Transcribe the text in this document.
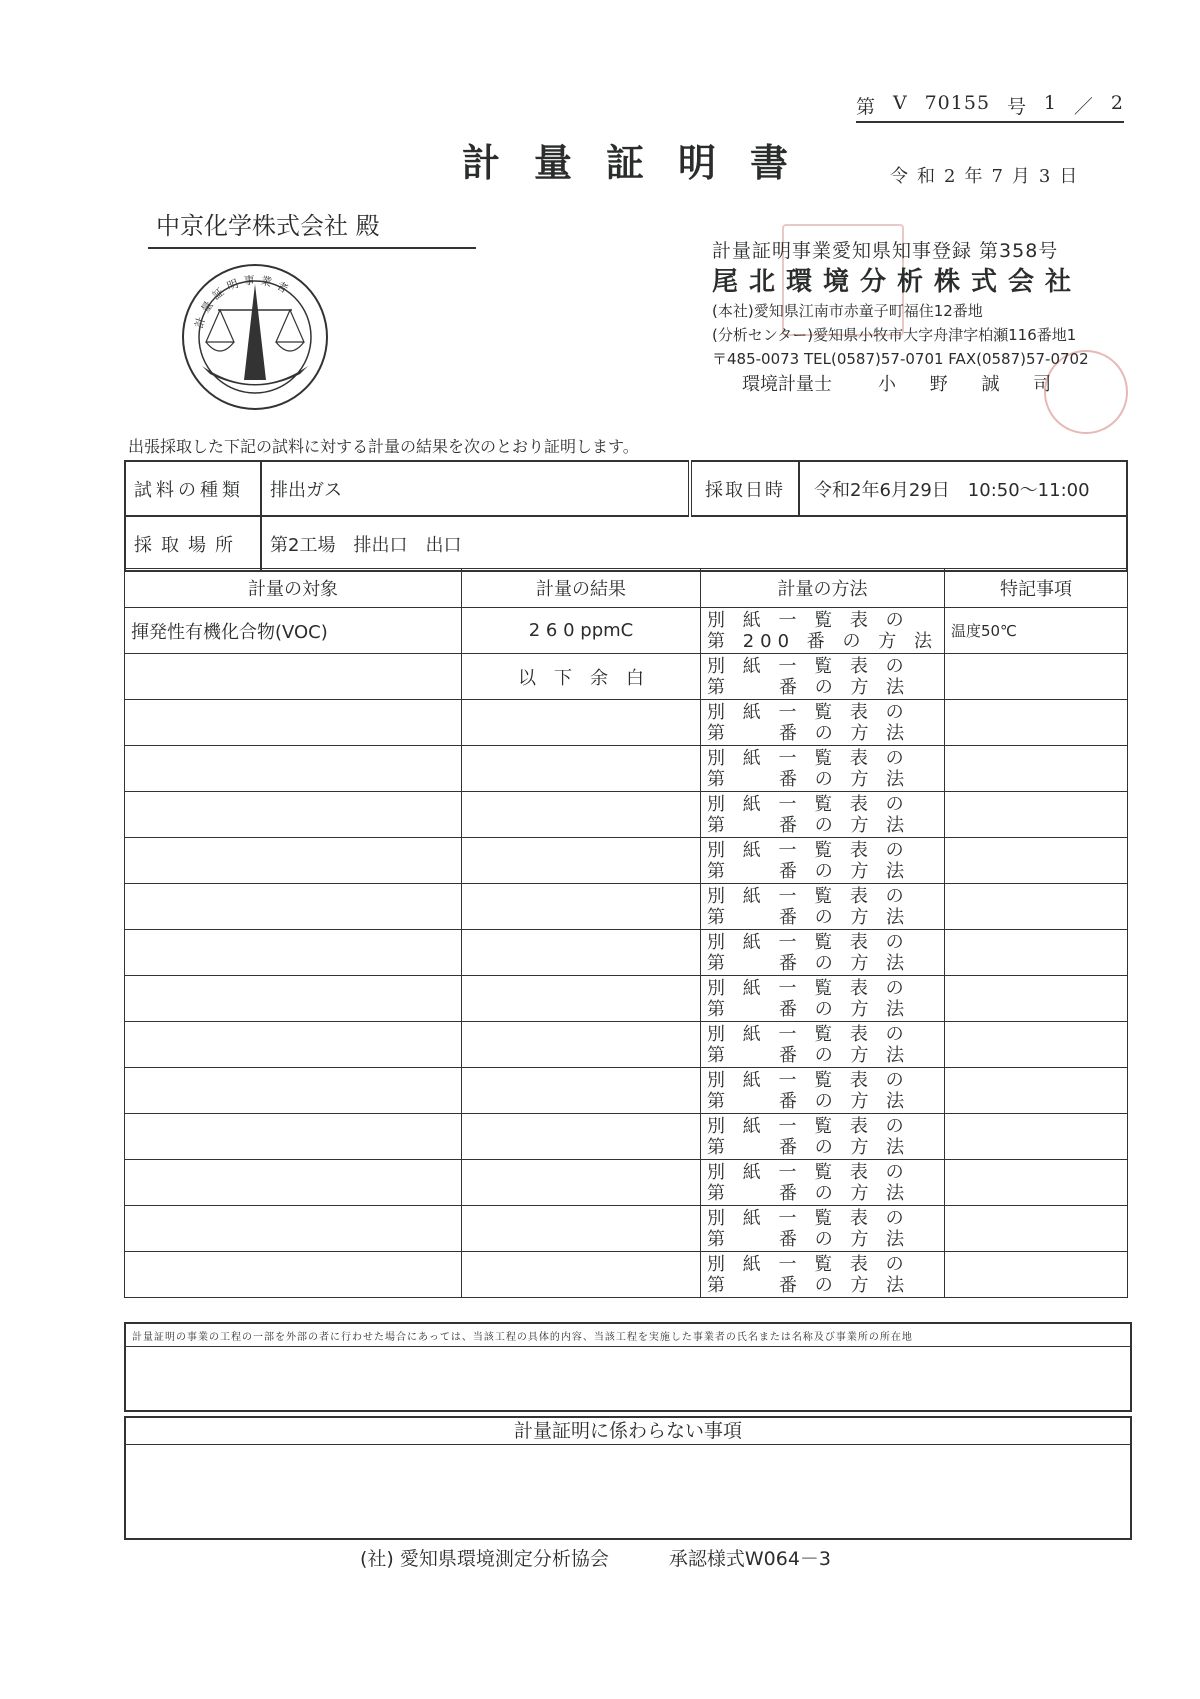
第 V 70155 号 1 ／ 2
計量証明書	令和2年7月3日
中京化学株式会社 殿
計量証明事業者
計量証明事業愛知県知事登録 第358号
尾北環境分析株式会社
(本社)愛知県江南市赤童子町福住12番地
(分析センター)愛知県小牧市大字舟津字柏瀬116番地1
〒485-0073 TEL(0587)57-0701 FAX(0587)57-0702
環境計量士	小 野 誠 司
出張採取した下記の試料に対する計量の結果を次のとおり証明します。
試料の種類	排出ガス	採取日時	令和2年6月29日　10:50〜11:00
採取場所	第2工場　排出口　出口		
計量の対象	計量の結果	計量の方法	特記事項
揮発性有機化合物(VOC)	2 6 0 ppmC	別 紙 一 覧 表 の
第 200 番 の 方 法	温度50℃
	以　下　余　白	別 紙 一 覧 表 の
第　　番 の 方 法	

		別 紙 一 覧 表 の
第　　番 の 方 法	

		別 紙 一 覧 表 の
第　　番 の 方 法	

		別 紙 一 覧 表 の
第　　番 の 方 法	

		別 紙 一 覧 表 の
第　　番 の 方 法	

		別 紙 一 覧 表 の
第　　番 の 方 法	

		別 紙 一 覧 表 の
第　　番 の 方 法	

		別 紙 一 覧 表 の
第　　番 の 方 法	

		別 紙 一 覧 表 の
第　　番 の 方 法	

		別 紙 一 覧 表 の
第　　番 の 方 法	

		別 紙 一 覧 表 の
第　　番 の 方 法	

		別 紙 一 覧 表 の
第　　番 の 方 法	

		別 紙 一 覧 表 の
第　　番 の 方 法	

		別 紙 一 覧 表 の
第　　番 の 方 法	

計量証明の事業の工程の一部を外部の者に行わせた場合にあっては、当該工程の具体的内容、当該工程を実施した事業者の氏名または名称及び事業所の所在地
計量証明に係わらない事項
(社) 愛知県環境測定分析協会	承認様式W064－3
